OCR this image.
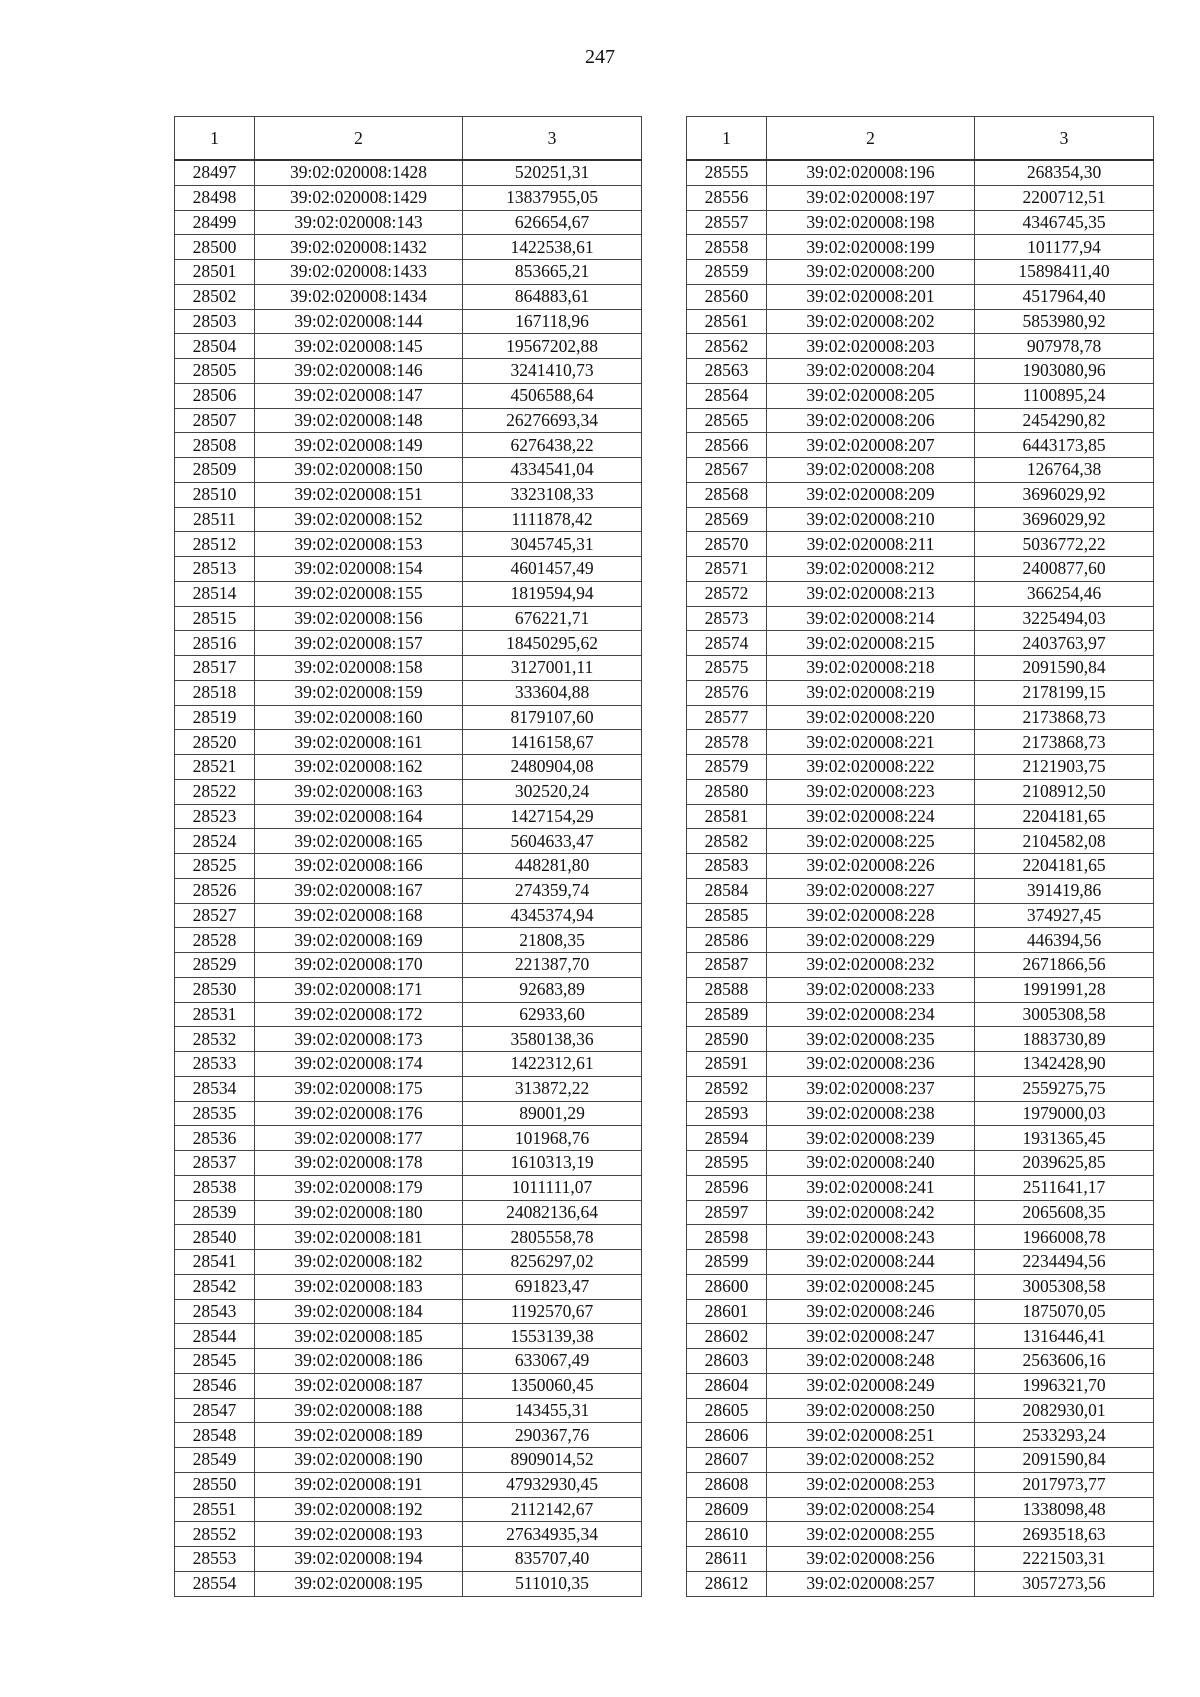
247
1	2	3
28497	39:02:020008:1428	520251,31
28498	39:02:020008:1429	13837955,05
28499	39:02:020008:143	626654,67
28500	39:02:020008:1432	1422538,61
28501	39:02:020008:1433	853665,21
28502	39:02:020008:1434	864883,61
28503	39:02:020008:144	167118,96
28504	39:02:020008:145	19567202,88
28505	39:02:020008:146	3241410,73
28506	39:02:020008:147	4506588,64
28507	39:02:020008:148	26276693,34
28508	39:02:020008:149	6276438,22
28509	39:02:020008:150	4334541,04
28510	39:02:020008:151	3323108,33
28511	39:02:020008:152	1111878,42
28512	39:02:020008:153	3045745,31
28513	39:02:020008:154	4601457,49
28514	39:02:020008:155	1819594,94
28515	39:02:020008:156	676221,71
28516	39:02:020008:157	18450295,62
28517	39:02:020008:158	3127001,11
28518	39:02:020008:159	333604,88
28519	39:02:020008:160	8179107,60
28520	39:02:020008:161	1416158,67
28521	39:02:020008:162	2480904,08
28522	39:02:020008:163	302520,24
28523	39:02:020008:164	1427154,29
28524	39:02:020008:165	5604633,47
28525	39:02:020008:166	448281,80
28526	39:02:020008:167	274359,74
28527	39:02:020008:168	4345374,94
28528	39:02:020008:169	21808,35
28529	39:02:020008:170	221387,70
28530	39:02:020008:171	92683,89
28531	39:02:020008:172	62933,60
28532	39:02:020008:173	3580138,36
28533	39:02:020008:174	1422312,61
28534	39:02:020008:175	313872,22
28535	39:02:020008:176	89001,29
28536	39:02:020008:177	101968,76
28537	39:02:020008:178	1610313,19
28538	39:02:020008:179	1011111,07
28539	39:02:020008:180	24082136,64
28540	39:02:020008:181	2805558,78
28541	39:02:020008:182	8256297,02
28542	39:02:020008:183	691823,47
28543	39:02:020008:184	1192570,67
28544	39:02:020008:185	1553139,38
28545	39:02:020008:186	633067,49
28546	39:02:020008:187	1350060,45
28547	39:02:020008:188	143455,31
28548	39:02:020008:189	290367,76
28549	39:02:020008:190	8909014,52
28550	39:02:020008:191	47932930,45
28551	39:02:020008:192	2112142,67
28552	39:02:020008:193	27634935,34
28553	39:02:020008:194	835707,40
28554	39:02:020008:195	511010,35
1	2	3
28555	39:02:020008:196	268354,30
28556	39:02:020008:197	2200712,51
28557	39:02:020008:198	4346745,35
28558	39:02:020008:199	101177,94
28559	39:02:020008:200	15898411,40
28560	39:02:020008:201	4517964,40
28561	39:02:020008:202	5853980,92
28562	39:02:020008:203	907978,78
28563	39:02:020008:204	1903080,96
28564	39:02:020008:205	1100895,24
28565	39:02:020008:206	2454290,82
28566	39:02:020008:207	6443173,85
28567	39:02:020008:208	126764,38
28568	39:02:020008:209	3696029,92
28569	39:02:020008:210	3696029,92
28570	39:02:020008:211	5036772,22
28571	39:02:020008:212	2400877,60
28572	39:02:020008:213	366254,46
28573	39:02:020008:214	3225494,03
28574	39:02:020008:215	2403763,97
28575	39:02:020008:218	2091590,84
28576	39:02:020008:219	2178199,15
28577	39:02:020008:220	2173868,73
28578	39:02:020008:221	2173868,73
28579	39:02:020008:222	2121903,75
28580	39:02:020008:223	2108912,50
28581	39:02:020008:224	2204181,65
28582	39:02:020008:225	2104582,08
28583	39:02:020008:226	2204181,65
28584	39:02:020008:227	391419,86
28585	39:02:020008:228	374927,45
28586	39:02:020008:229	446394,56
28587	39:02:020008:232	2671866,56
28588	39:02:020008:233	1991991,28
28589	39:02:020008:234	3005308,58
28590	39:02:020008:235	1883730,89
28591	39:02:020008:236	1342428,90
28592	39:02:020008:237	2559275,75
28593	39:02:020008:238	1979000,03
28594	39:02:020008:239	1931365,45
28595	39:02:020008:240	2039625,85
28596	39:02:020008:241	2511641,17
28597	39:02:020008:242	2065608,35
28598	39:02:020008:243	1966008,78
28599	39:02:020008:244	2234494,56
28600	39:02:020008:245	3005308,58
28601	39:02:020008:246	1875070,05
28602	39:02:020008:247	1316446,41
28603	39:02:020008:248	2563606,16
28604	39:02:020008:249	1996321,70
28605	39:02:020008:250	2082930,01
28606	39:02:020008:251	2533293,24
28607	39:02:020008:252	2091590,84
28608	39:02:020008:253	2017973,77
28609	39:02:020008:254	1338098,48
28610	39:02:020008:255	2693518,63
28611	39:02:020008:256	2221503,31
28612	39:02:020008:257	3057273,56
